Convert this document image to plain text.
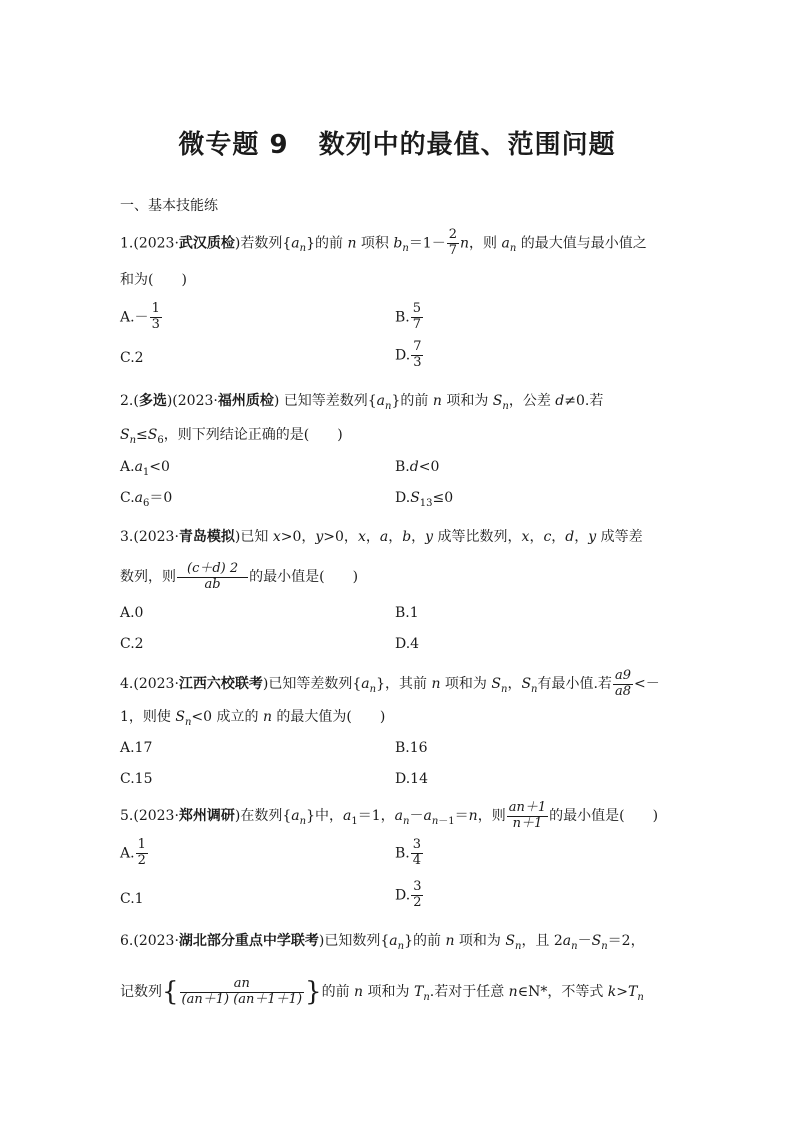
微专题 9 数列中的最值、范围问题
一、基本技能练
1.(2023·武汉质检)若数列$\{a_n\}$的前 n 项积 $b_n=1- \frac{2}{7}$ n，则 $a_n$ 的最大值与最小值之
和为(　　)
$A.- \frac{1}{3}$	B. $\frac{5}{7}$
C.2	D. $\frac{7}{3}$
2.(多选)(2023·福州质检) 已知等差数列$\{a_n\}$的前 n 项和为 $S_n$，公差 d≠0.若
$S_n\le S_6$，则下列结论正确的是(　　)
$A.a_1<0$	B.d<0
$C.a_6=0$	$D.S_{13}\le 0$
3.(2023·青岛模拟)已知 x>0，y>0，x，a，b，y 成等比数列，x，c，d，y 成等差
数列，则 $\frac{(c+d) 2}{ab}$ 的最小值是(　　)
A.0	B.1
C.2	D.4
4.(2023·江西六校联考)已知等差数列$\{a_n\}$，其前 n 项和为 $S_n$，$S_n$有最小值.若 $\frac{a9}{a8}$ <－
1，则使 $S_n<0$ 成立的 n 的最大值为(　　)
A.17	B.16
C.15	D.14
5.(2023·郑州调研)在数列$\{a_n\}$中，$a_1=1$，$a_n-a_{n-1}=n$，则 $\frac{an+1}{n+1}$ 的最小值是(　　)
A. $\frac{1}{2}$	B. $\frac{3}{4}$
C.1	D. $\frac{3}{2}$
6.(2023·湖北部分重点中学联考)已知数列$\{a_n\}$的前 n 项和为 $S_n$，且 $2a_n-S_n=2$，
记数列{ $\frac{an}{(an+1) (an+1+1)}$ }的前 n 项和为 $T_n$.若对于任意 n∈N*，不等式 $k>T_n$
